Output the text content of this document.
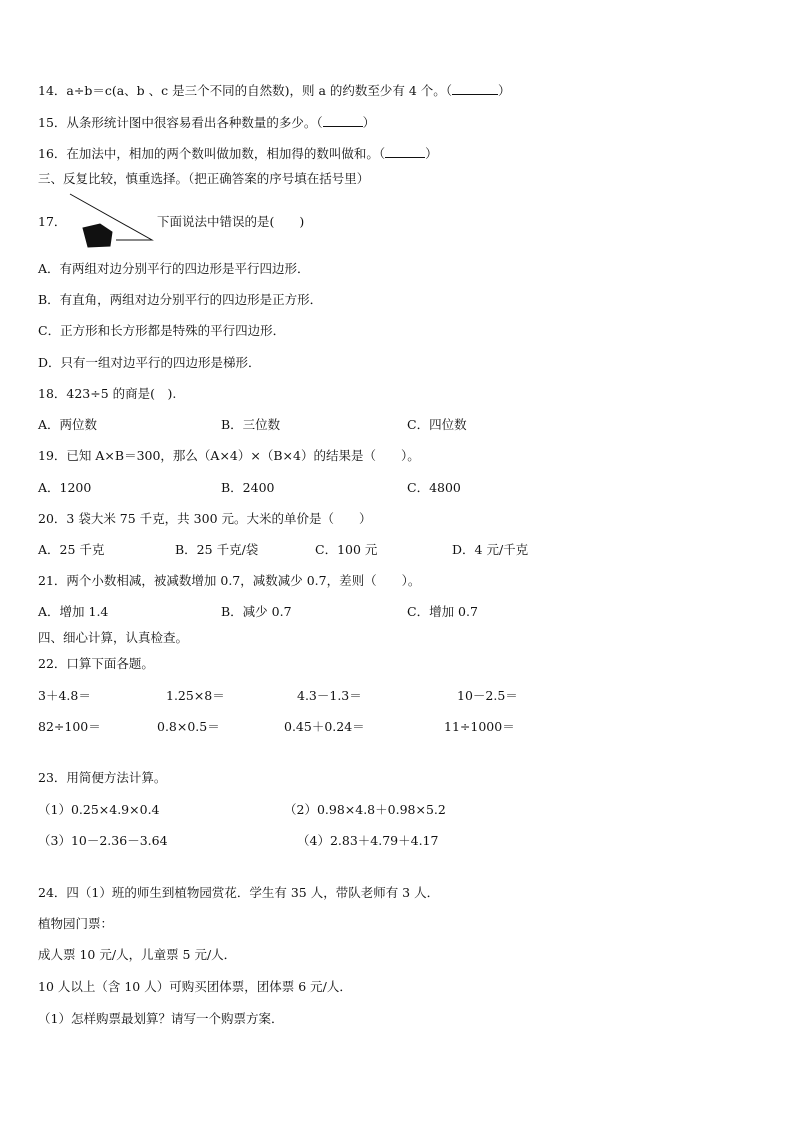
14．a÷b＝c(a、b 、c 是三个不同的自然数)，则 a 的约数至少有 4 个。（	）
15．从条形统计图中很容易看出各种数量的多少。（	）
16．在加法中，相加的两个数叫做加数，相加得的数叫做和。（	）
三、反复比较，慎重选择。（把正确答案的序号填在括号里）
17．	下面说法中错误的是(　　)
A．有两组对边分别平行的四边形是平行四边形．
B．有直角，两组对边分别平行的四边形是正方形．
C．正方形和长方形都是特殊的平行四边形．
D．只有一组对边平行的四边形是梯形．
18．423÷5 的商是(　).
A．两位数	B．三位数	C．四位数
19．已知 A×B＝300，那么（A×4）×（B×4）的结果是（　　）。
A．1200	B．2400	C．4800
20．3 袋大米 75 千克，共 300 元。大米的单价是（　　）
A．25 千克	B．25 千克/袋	C．100 元	D．4 元/千克
21．两个小数相减，被减数增加 0.7，减数减少 0.7，差则（　　）。
A．增加 1.4	B．减少 0.7	C．增加 0.7
四、细心计算，认真检查。
22．口算下面各题。
3＋4.8＝	1.25×8＝	4.3－1.3＝	10－2.5＝
82÷100＝	0.8×0.5＝	0.45＋0.24＝	11÷1000＝
23．用简便方法计算。
（1）0.25×4.9×0.4	（2）0.98×4.8＋0.98×5.2
（3）10－2.36－3.64	（4）2.83＋4.79＋4.17
24．四（1）班的师生到植物园赏花．学生有 35 人，带队老师有 3 人．
植物园门票：
成人票 10 元/人，儿童票 5 元/人．
10 人以上（含 10 人）可购买团体票，团体票 6 元/人．
（1）怎样购票最划算？请写一个购票方案．
